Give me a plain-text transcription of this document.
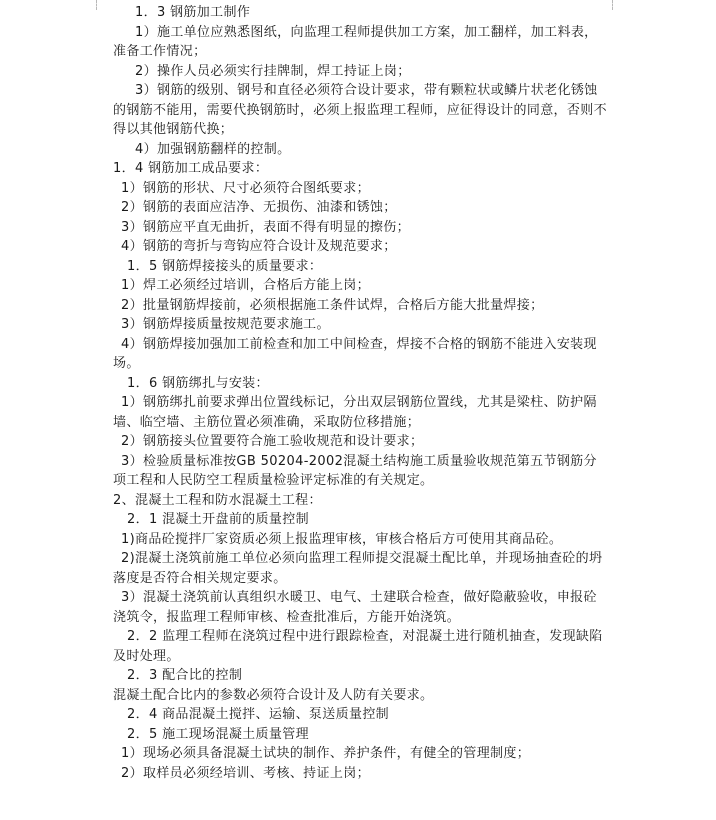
1．3 钢筋加工制作

1）施工单位应熟悉图纸，向监理工程师提供加工方案，加工翻样，加工料表，准备工作情况；

2）操作人员必须实行挂牌制，焊工持证上岗；

3）钢筋的级别、钢号和直径必须符合设计要求，带有颗粒状或鳞片状老化锈蚀的钢筋不能用，需要代换钢筋时，必须上报监理工程师，应征得设计的同意，否则不得以其他钢筋代换；

4）加强钢筋翻样的控制。

1．4 钢筋加工成品要求：

1）钢筋的形状、尺寸必须符合图纸要求；

2）钢筋的表面应洁净、无损伤、油漆和锈蚀；

3）钢筋应平直无曲折，表面不得有明显的擦伤；

4）钢筋的弯折与弯钩应符合设计及规范要求；

1．5 钢筋焊接接头的质量要求：

1）焊工必须经过培训，合格后方能上岗；

2）批量钢筋焊接前，必须根据施工条件试焊，合格后方能大批量焊接；

3）钢筋焊接质量按规范要求施工。

4）钢筋焊接加强加工前检查和加工中间检查，焊接不合格的钢筋不能进入安装现场。

1．6 钢筋绑扎与安装：

1）钢筋绑扎前要求弹出位置线标记，分出双层钢筋位置线，尤其是梁柱、防护隔墙、临空墙、主筋位置必须准确，采取防位移措施；

2）钢筋接头位置要符合施工验收规范和设计要求；

3）检验质量标准按GB 50204-2002混凝土结构施工质量验收规范第五节钢筋分项工程和人民防空工程质量检验评定标准的有关规定。

2、混凝土工程和防水混凝土工程：

2．1 混凝土开盘前的质量控制

1)商品砼搅拌厂家资质必须上报监理审核，审核合格后方可使用其商品砼。

2)混凝土浇筑前施工单位必须向监理工程师提交混凝土配比单，并现场抽查砼的坍落度是否符合相关规定要求。

3）混凝土浇筑前认真组织水暖卫、电气、土建联合检查，做好隐蔽验收，申报砼浇筑令，报监理工程师审核、检查批准后，方能开始浇筑。

2．2 监理工程师在浇筑过程中进行跟踪检查，对混凝土进行随机抽查，发现缺陷及时处理。

2．3 配合比的控制

混凝土配合比内的参数必须符合设计及人防有关要求。

2．4 商品混凝土搅拌、运输、泵送质量控制

2．5 施工现场混凝土质量管理

1）现场必须具备混凝土试块的制作、养护条件，有健全的管理制度；

2）取样员必须经培训、考核、持证上岗；
